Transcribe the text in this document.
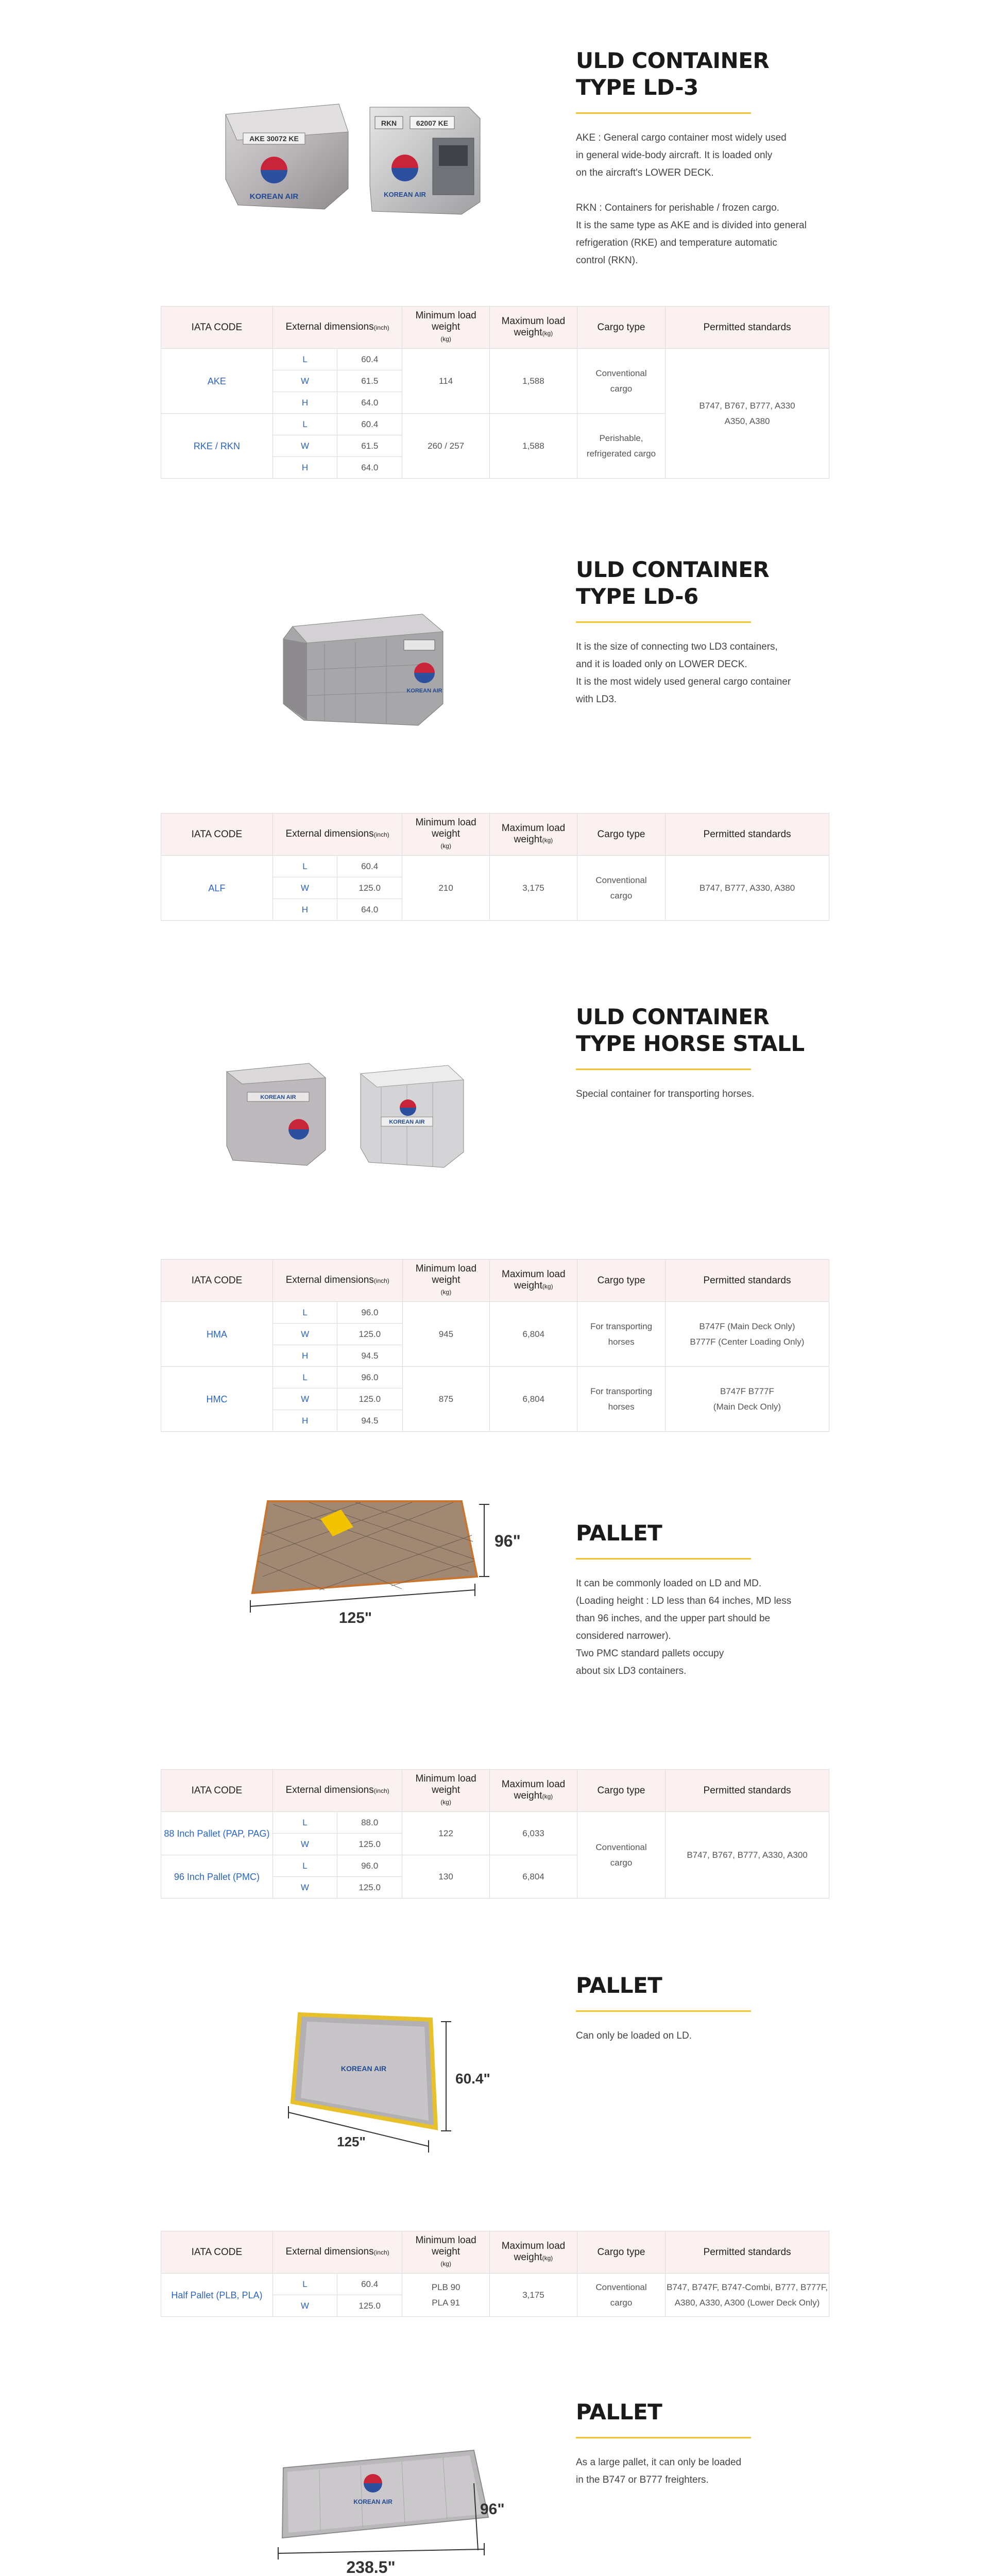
AKE 30072 KE
KOREAN AIR
RKN	62007 KE
KOREAN AIR
ULD CONTAINER
TYPE LD-3

AKE : General cargo container most widely used
in general wide-body aircraft. It is loaded only
on the aircraft's LOWER DECK.

RKN : Containers for perishable / frozen cargo.
It is the same type as AKE and is divided into general
refrigeration (RKE) and temperature automatic
control (RKN).

IATA CODE	External dimensions(inch)		Minimum load weight
(kg)	Maximum load weight(kg)	Cargo type	Permitted standards
AKE	L	60.4	114	1,588	Conventional
cargo	B747, B767, B777, A330
A350, A380
	W	61.5				
	H	64.0				
RKE / RKN	L	60.4	260 / 257	1,588	Perishable,
refrigerated cargo	
	W	61.5				
	H	64.0				
KOREAN AIR
ULD CONTAINER
TYPE LD-6

It is the size of connecting two LD3 containers,
and it is loaded only on LOWER DECK.
It is the most widely used general cargo container
with LD3.

IATA CODE	External dimensions(inch)		Minimum load weight
(kg)	Maximum load weight(kg)	Cargo type	Permitted standards
ALF	L	60.4	210	3,175	Conventional
cargo	B747, B777, A330, A380
	W	125.0				
	H	64.0				
KOREAN AIR
KOREAN AIR
ULD CONTAINER
TYPE HORSE STALL

Special container for transporting horses.

IATA CODE	External dimensions(inch)		Minimum load weight
(kg)	Maximum load weight(kg)	Cargo type	Permitted standards
HMA	L	96.0	945	6,804	For transporting
horses	B747F (Main Deck Only)
B777F (Center Loading Only)
	W	125.0				
	H	94.5				
HMC	L	96.0	875	6,804	For transporting
horses	B747F B777F
(Main Deck Only)
	W	125.0				
	H	94.5				
96"
125"
PALLET

It can be commonly loaded on LD and MD.
(Loading height : LD less than 64 inches, MD less
than 96 inches, and the upper part should be
considered narrower).
Two PMC standard pallets occupy
about six LD3 containers.

IATA CODE	External dimensions(inch)		Minimum load weight
(kg)	Maximum load weight(kg)	Cargo type	Permitted standards
88 Inch Pallet (PAP, PAG)	L	88.0	122	6,033	Conventional
cargo	B747, B767, B777, A330, A300
	W	125.0				
96 Inch Pallet (PMC)	L	96.0	130	6,804		
	W	125.0				
KOREAN AIR
60.4"
125"
PALLET

Can only be loaded on LD.

IATA CODE	External dimensions(inch)		Minimum load weight
(kg)	Maximum load weight(kg)	Cargo type	Permitted standards
Half Pallet (PLB, PLA)	L	60.4	PLB 90
PLA 91	3,175	Conventional
cargo	B747, B747F, B747-Combi, B777, B777F,
A380, A330, A300 (Lower Deck Only)
	W	125.0				
KOREAN AIR	96"
238.5"
PALLET

As a large pallet, it can only be loaded
in the B747 or B777 freighters.
